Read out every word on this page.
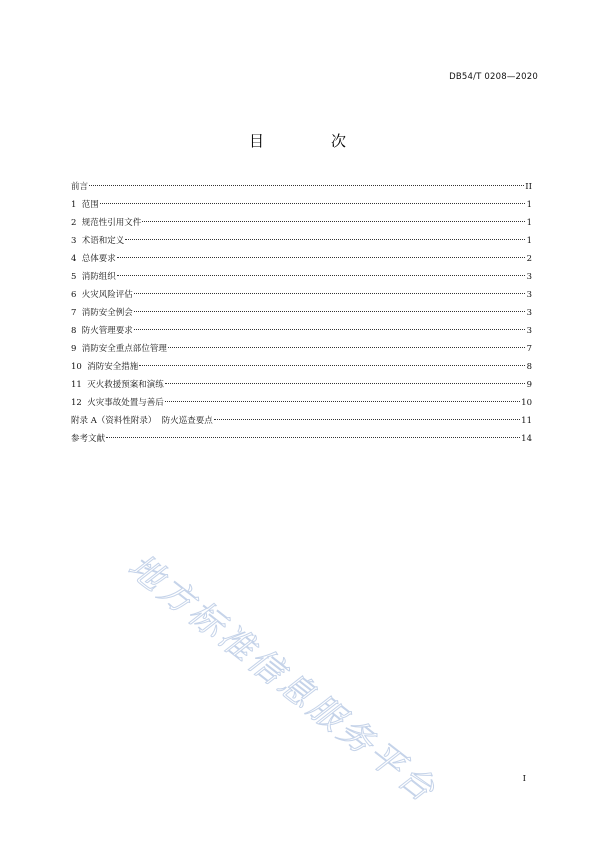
DB54/T 0208—2020
目　次
前言	II
1  范围	1
2  规范性引用文件	1
3  术语和定义	1
4  总体要求	2
5  消防组织	3
6  火灾风险评估	3
7  消防安全例会	3
8  防火管理要求	3
9  消防安全重点部位管理	7
10  消防安全措施	8
11  灭火救援预案和演练	9
12  火灾事故处置与善后	10
附录 A（资料性附录）  防火巡查要点	11
参考文献	14
地方标准信息服务平台	I
